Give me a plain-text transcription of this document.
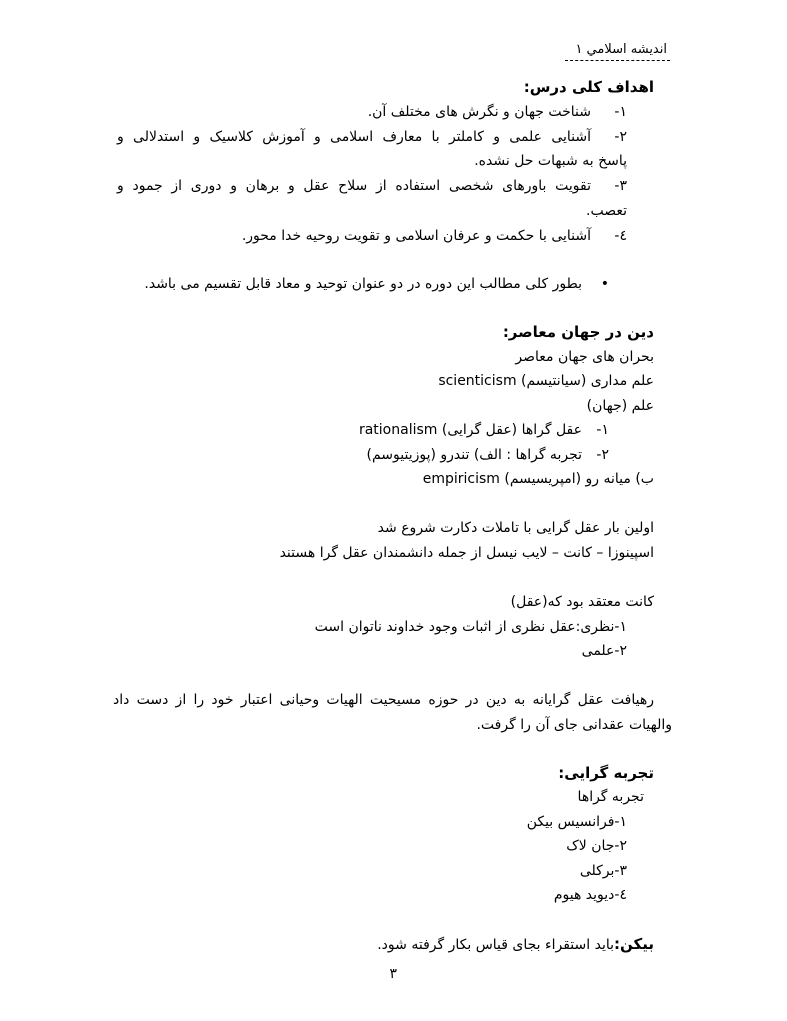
اندیشه اسلامي ۱
اهداف کلی درس:
۱-
شناخت جهان و نگرش های مختلف آن.
۲-
آشنایی علمی و کاملتر با معارف اسلامی و آموزش کلاسیک و استدلالی و
پاسخ به شبهات حل نشده.
۳-
تقویت باورهای شخصی استفاده از سلاح عقل و برهان و دوری از جمود و
تعصب.
٤-
آشنایی با حکمت و عرفان اسلامی و تقویت روحیه خدا محور.
•
بطور کلی مطالب این دوره در دو عنوان توحید و معاد قابل تقسیم می باشد.
دین در جهان معاصر:
بحران های جهان معاصر
علم مداری (سیانتیسم) scienticism
علم (جهان)
۱-
عقل گراها (عقل گرایی) rationalism
۲-
تجربه گراها : الف) تندرو (پوزیتیوسم)
ب) میانه رو (امپریسیسم) empiricism
اولین بار عقل گرایی با تاملات دکارت شروع شد
اسپینوزا – کانت – لایب نیسل از جمله دانشمندان عقل گرا هستند
کانت معتقد بود که(عقل)
۱-نظری:عقل نظری از اثبات وجود خداوند ناتوان است
۲-علمی
رهیافت عقل گرایانه به دین در حوزه مسیحیت الهیات وحیانی اعتبار خود را از دست داد
والهیات عقدانی جای آن را گرفت.
تجربه گرایی:
تجربه گراها
۱-فرانسیس بیکن
۲-جان لاک
۳-برکلی
٤-دیوید هیوم
بیکن:باید استقراء بجای قیاس بکار گرفته شود.
۳
